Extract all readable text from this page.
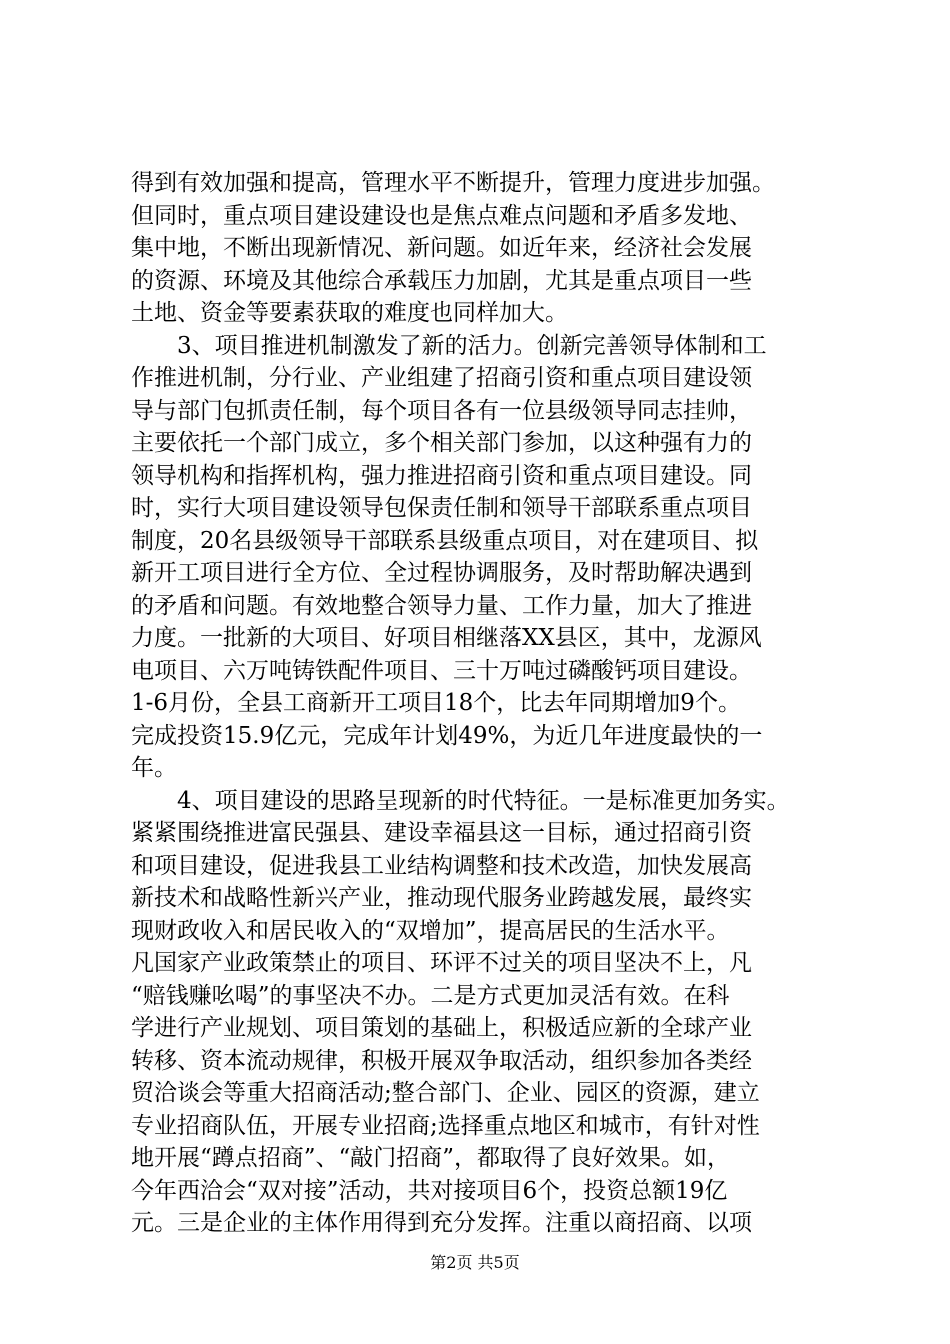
得到有效加强和提高，管理水平不断提升，管理力度进步加强。
但同时，重点项目建设建设也是焦点难点问题和矛盾多发地、
集中地，不断出现新情况、新问题。如近年来，经济社会发展
的资源、环境及其他综合承载压力加剧，尤其是重点项目一些
土地、资金等要素获取的难度也同样加大。
　　3、项目推进机制激发了新的活力。创新完善领导体制和工
作推进机制，分行业、产业组建了招商引资和重点项目建设领
导与部门包抓责任制，每个项目各有一位县级领导同志挂帅，
主要依托一个部门成立，多个相关部门参加，以这种强有力的
领导机构和指挥机构，强力推进招商引资和重点项目建设。同
时，实行大项目建设领导包保责任制和领导干部联系重点项目
制度，20名县级领导干部联系县级重点项目，对在建项目、拟
新开工项目进行全方位、全过程协调服务，及时帮助解决遇到
的矛盾和问题。有效地整合领导力量、工作力量，加大了推进
力度。一批新的大项目、好项目相继落XX县区，其中，龙源风
电项目、六万吨铸铁配件项目、三十万吨过磷酸钙项目建设。
1-6月份，全县工商新开工项目18个，比去年同期增加9个。
完成投资15.9亿元，完成年计划49%，为近几年进度最快的一
年。
　　4、项目建设的思路呈现新的时代特征。一是标准更加务实。
紧紧围绕推进富民强县、建设幸福县这一目标，通过招商引资
和项目建设，促进我县工业结构调整和技术改造，加快发展高
新技术和战略性新兴产业，推动现代服务业跨越发展，最终实
现财政收入和居民收入的“双增加”，提高居民的生活水平。
凡国家产业政策禁止的项目、环评不过关的项目坚决不上，凡
“赔钱赚吆喝”的事坚决不办。二是方式更加灵活有效。在科
学进行产业规划、项目策划的基础上，积极适应新的全球产业
转移、资本流动规律，积极开展双争取活动，组织参加各类经
贸洽谈会等重大招商活动;整合部门、企业、园区的资源，建立
专业招商队伍，开展专业招商;选择重点地区和城市，有针对性
地开展“蹲点招商”、“敲门招商”，都取得了良好效果。如，
今年西洽会“双对接”活动，共对接项目6个，投资总额19亿
元。三是企业的主体作用得到充分发挥。注重以商招商、以项
第2页 共5页
